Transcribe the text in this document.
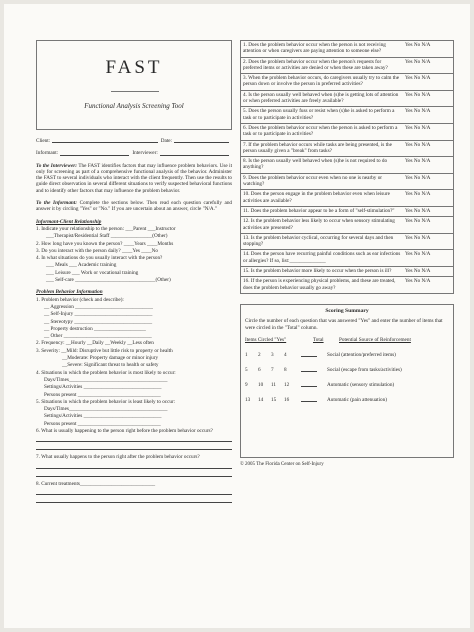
FAST
Functional Analysis Screening Tool
Client:	Date:
Informant:	Interviewer:
To the Interviewer: The FAST identifies factors that may influence problem behaviors. Use it only for screening as part of a comprehensive functional analysis of the behavior. Administer the FAST to several individuals who interact with the client frequently. Then use the results to guide direct observation in several different situations to verify suspected behavioral functions and to identify other factors that may influence the problem behavior.
To the Informant: Complete the sections below. Then read each question carefully and answer it by circling "Yes" or "No." If you are uncertain about an answer, circle "N/A."
Informant-Client Relationship
1. Indicate your relationship to the person: ___Parent ___Instructor
___Therapist/Residential Staff ________________(Other)
2. How long have you known the person? ____Years ____Months
3. Do you interact with the person daily? ____Yes ____No
4. In what situations do you usually interact with the person?
___ Meals ___ Academic training
___ Leisure ___ Work or vocational training
___ Self-care _______________________________(Other)
Problem Behavior Information
1. Problem behavior (check and describe):
__ Aggression ______________________________
__ Self-Injury ______________________________
__ Stereotypy ______________________________
__ Property destruction ____________________
__ Other __________________________________
2. Frequency: __Hourly __Daily __Weekly __Less often
3. Severity: __Mild: Disruptive but little risk to property or health
__Moderate: Property damage or minor injury
__Severe: Significant threat to health or safety
4. Situations in which the problem behavior is most likely to occur:
Days/Times______________________________________
Settings/Activities ______________________________
Persons present ________________________________
5. Situations in which the problem behavior is least likely to occur:
Days/Times______________________________________
Settings/Activities ______________________________
Persons present ________________________________
6. What is usually happening to the person right before the problem behavior occurs?
7. What usually happens to the person right after the problem behavior occurs?
8. Current treatments_____________________________
1. Does the problem behavior occur when the person is not receiving attention or when caregivers are paying attention to someone else?
Yes No N/A
2. Does the problem behavior occur when the person's requests for preferred items or activities are denied or when these are taken away?
Yes No N/A
3. When the problem behavior occurs, do caregivers usually try to calm the person down or involve the person in preferred activities?
Yes No N/A
4. Is the person usually well behaved when (s)he is getting lots of attention or when preferred activities are freely available?
Yes No N/A
5. Does the person usually fuss or resist when (s)he is asked to perform a task or to participate in activities?
Yes No N/A
6. Does the problem behavior occur when the person is asked to perform a task or to participate in activities?
Yes No N/A
7. If the problem behavior occurs while tasks are being presented, is the person usually given a "break" from tasks?
Yes No N/A
8. Is the person usually well behaved when (s)he is not required to do anything?
Yes No N/A
9. Does the problem behavior occur even when no one is nearby or watching?
Yes No N/A
10. Does the person engage in the problem behavior even when leisure activities are available?
Yes No N/A
11. Does the problem behavior appear to be a form of "self-stimulation?"	Yes No N/A
12. Is the problem behavior less likely to occur when sensory stimulating activities are presented?
Yes No N/A
13. Is the problem behavior cyclical, occurring for several days and then stopping?
Yes No N/A
14. Does the person have recurring painful conditions such as ear infections or allergies? If so, list:______________
Yes No N/A
15. Is the problem behavior more likely to occur when the person is ill?	Yes No N/A
16. If the person is experiencing physical problems, and these are treated, does the problem behavior usually go away?
Yes No N/A
Scoring Summary
Circle the number of each question that was answered "Yes" and enter the number of items that were circled in the "Total" column.
Items Circled "Yes"	Total	Potential Source of Reinforcement
1	2	3	4	Social (attention/preferred items)
5	6	7	8	Social (escape from tasks/activities)
9	10	11	12	Automatic (sensory stimulation)
13	14	15	16	Automatic (pain attenuation)
© 2005 The Florida Center on Self-Injury
